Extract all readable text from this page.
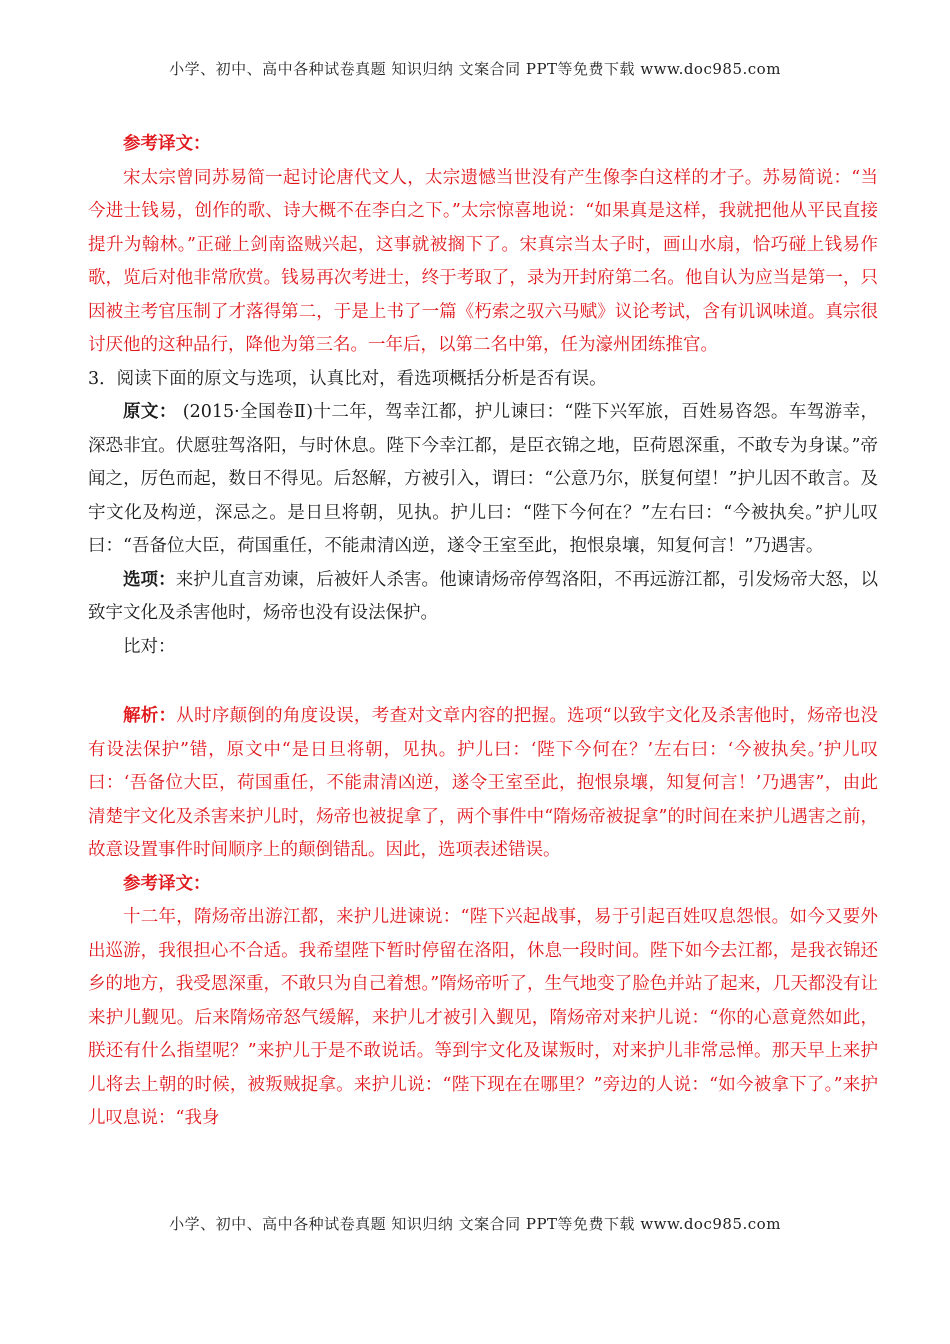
小学、初中、高中各种试卷真题 知识归纳 文案合同 PPT等免费下载 www.doc985.com

参考译文：

宋太宗曾同苏易简一起讨论唐代文人，太宗遗憾当世没有产生像李白这样的才子。苏易简说：“当今进士钱易，创作的歌、诗大概不在李白之下。”太宗惊喜地说：“如果真是这样，我就把他从平民直接提升为翰林。”正碰上剑南盗贼兴起，这事就被搁下了。宋真宗当太子时，画山水扇，恰巧碰上钱易作歌，览后对他非常欣赏。钱易再次考进士，终于考取了，录为开封府第二名。他自认为应当是第一，只因被主考官压制了才落得第二，于是上书了一篇《朽索之驭六马赋》议论考试，含有讥讽味道。真宗很讨厌他的这种品行，降他为第三名。一年后，以第二名中第，任为濠州团练推官。

3．阅读下面的原文与选项，认真比对，看选项概括分析是否有误。

原文： (2015·全国卷Ⅱ)十二年，驾幸江都，护儿谏曰：“陛下兴军旅，百姓易咨怨。车驾游幸，深恐非宜。伏愿驻驾洛阳，与时休息。陛下今幸江都，是臣衣锦之地，臣荷恩深重，不敢专为身谋。”帝闻之，厉色而起，数日不得见。后怒解，方被引入，谓曰：“公意乃尔，朕复何望！”护儿因不敢言。及宇文化及构逆，深忌之。是日旦将朝，见执。护儿曰：“陛下今何在？”左右曰：“今被执矣。”护儿叹曰：“吾备位大臣，荷国重任，不能肃清凶逆，遂令王室至此，抱恨泉壤，知复何言！”乃遇害。

选项：来护儿直言劝谏，后被奸人杀害。他谏请炀帝停驾洛阳，不再远游江都，引发炀帝大怒，以致宇文化及杀害他时，炀帝也没有设法保护。

比对：

解析：从时序颠倒的角度设误，考查对文章内容的把握。选项“以致宇文化及杀害他时，炀帝也没有设法保护”错，原文中“是日旦将朝，见执。护儿曰：‘陛下今何在？’左右曰：‘今被执矣。’护儿叹曰：‘吾备位大臣，荷国重任，不能肃清凶逆，遂令王室至此，抱恨泉壤，知复何言！’乃遇害”，由此清楚宇文化及杀害来护儿时，炀帝也被捉拿了，两个事件中“隋炀帝被捉拿”的时间在来护儿遇害之前，故意设置事件时间顺序上的颠倒错乱。因此，选项表述错误。

参考译文：

十二年，隋炀帝出游江都，来护儿进谏说：“陛下兴起战事，易于引起百姓叹息怨恨。如今又要外出巡游，我很担心不合适。我希望陛下暂时停留在洛阳，休息一段时间。陛下如今去江都，是我衣锦还乡的地方，我受恩深重，不敢只为自己着想。”隋炀帝听了，生气地变了脸色并站了起来，几天都没有让来护儿觐见。后来隋炀帝怒气缓解，来护儿才被引入觐见，隋炀帝对来护儿说：“你的心意竟然如此，朕还有什么指望呢？”来护儿于是不敢说话。等到宇文化及谋叛时，对来护儿非常忌惮。那天早上来护儿将去上朝的时候，被叛贼捉拿。来护儿说：“陛下现在在哪里？”旁边的人说：“如今被拿下了。”来护儿叹息说：“我身

小学、初中、高中各种试卷真题 知识归纳 文案合同 PPT等免费下载 www.doc985.com
